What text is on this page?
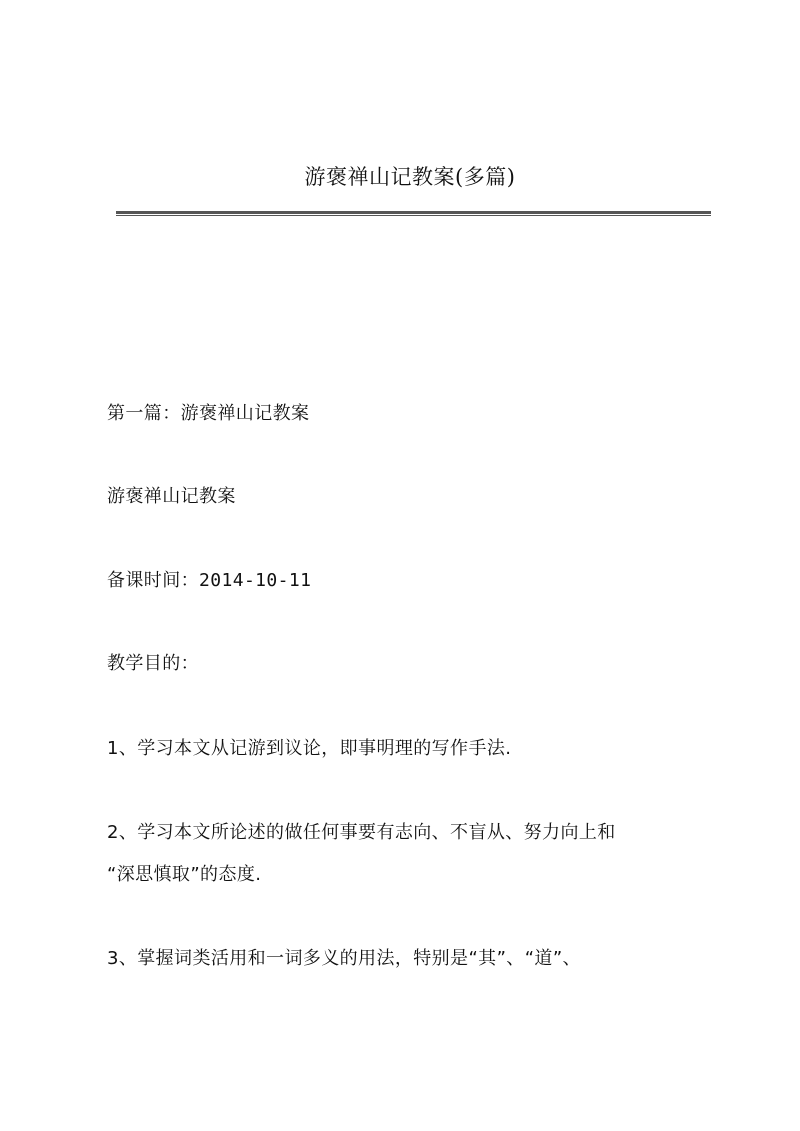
游褒禅山记教案(多篇)
第一篇：游褒禅山记教案
游褒禅山记教案
备课时间：2014-10-11
教学目的：
1、学习本文从记游到议论，即事明理的写作手法.
2、学习本文所论述的做任何事要有志向、不盲从、努力向上和
“深思慎取”的态度.
3、掌握词类活用和一词多义的用法，特别是“其”、“道”、
